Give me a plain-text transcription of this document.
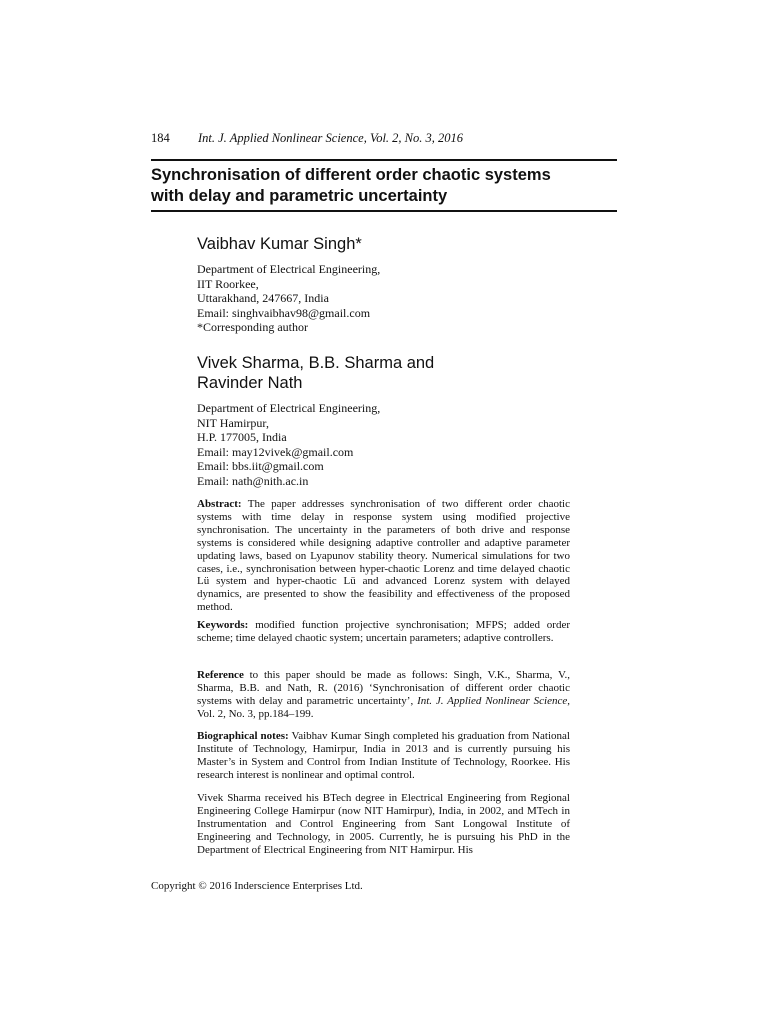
184 Int. J. Applied Nonlinear Science, Vol. 2, No. 3, 2016
Synchronisation of different order chaotic systems
with delay and parametric uncertainty
Vaibhav Kumar Singh*
Department of Electrical Engineering,
IIT Roorkee,
Uttarakhand, 247667, India
Email: singhvaibhav98@gmail.com
*Corresponding author
Vivek Sharma, B.B. Sharma and
Ravinder Nath
Department of Electrical Engineering,
NIT Hamirpur,
H.P. 177005, India
Email: may12vivek@gmail.com
Email: bbs.iit@gmail.com
Email: nath@nith.ac.in
Abstract: The paper addresses synchronisation of two different order chaotic systems with time delay in response system using modified projective synchronisation. The uncertainty in the parameters of both drive and response systems is considered while designing adaptive controller and adaptive parameter updating laws, based on Lyapunov stability theory. Numerical simulations for two cases, i.e., synchronisation between hyper-chaotic Lorenz and time delayed chaotic Lü system and hyper-chaotic Lü and advanced Lorenz system with delayed dynamics, are presented to show the feasibility and effectiveness of the proposed method.
Keywords: modified function projective synchronisation; MFPS; added order scheme; time delayed chaotic system; uncertain parameters; adaptive controllers.
Reference to this paper should be made as follows: Singh, V.K., Sharma, V., Sharma, B.B. and Nath, R. (2016) ‘Synchronisation of different order chaotic systems with delay and parametric uncertainty’, Int. J. Applied Nonlinear Science, Vol. 2, No. 3, pp.184–199.
Biographical notes: Vaibhav Kumar Singh completed his graduation from National Institute of Technology, Hamirpur, India in 2013 and is currently pursuing his Master’s in System and Control from Indian Institute of Technology, Roorkee. His research interest is nonlinear and optimal control.
Vivek Sharma received his BTech degree in Electrical Engineering from Regional Engineering College Hamirpur (now NIT Hamirpur), India, in 2002, and MTech in Instrumentation and Control Engineering from Sant Longowal Institute of Engineering and Technology, in 2005. Currently, he is pursuing his PhD in the Department of Electrical Engineering from NIT Hamirpur. His
Copyright © 2016 Inderscience Enterprises Ltd.
